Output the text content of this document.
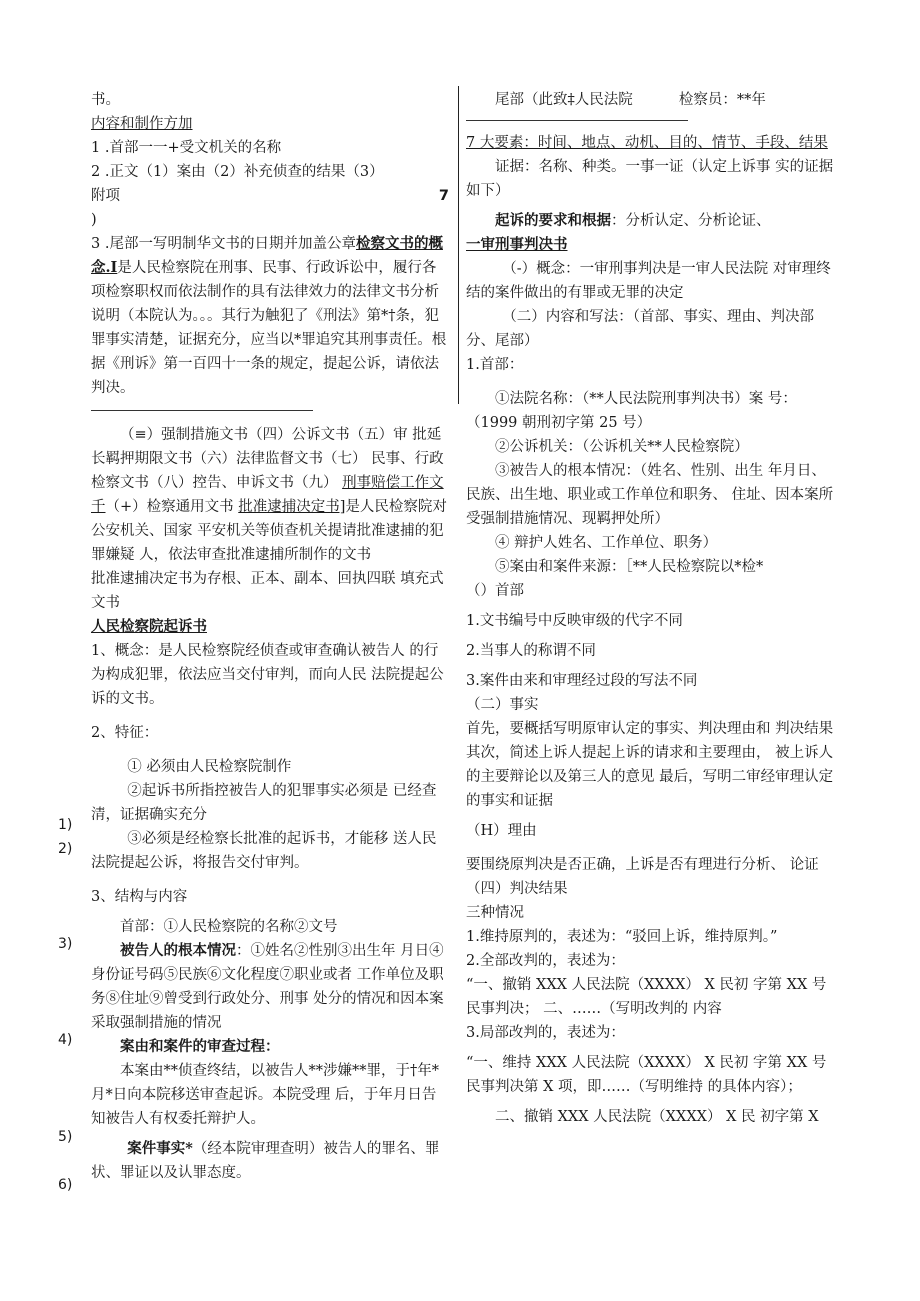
1)
2)
3)
4)
5)
6)

书。

内容和制作方加

1 .首部一一+受文机关的名称

2 .正文（1）案由（2）补充侦查的结果（3）

附项	7

)

3 .尾部一写明制华文书的日期并加盖公章检察文书的概念.I是人民检察院在刑事、民事、行政诉讼中，履行各项检察职权而依法制作的具有法律效力的法律文书分析说明（本院认为。。。其行为触犯了《刑法》第*†条，犯罪事实清楚，证据充分，应当以*罪追究其刑事责任。根据《刑诉》第一百四十一条的规定，提起公诉，请依法判决。

（≡）强制措施文书（四）公诉文书（五）审 批延长羁押期限文书（六）法律监督文书（七） 民事、行政检察文书（八）控告、申诉文书（九） 刑事赔偿工作文千（+）检察通用文书 批准逮捕决定书]是人民检察院对公安机关、国家 平安机关等侦查机关提请批准逮捕的犯罪嫌疑 人，依法审查批准逮捕所制作的文书

批准逮捕决定书为存根、正本、副本、回执四联 填充式文书

人民检察院起诉书

1、概念：是人民检察院经侦查或审查确认被告人 的行为构成犯罪，依法应当交付审判，而向人民 法院提起公诉的文书。

2、特征：

① 必须由人民检察院制作

②起诉书所指控被告人的犯罪事实必须是 已经查清，证据确实充分

③必须是经检察长批准的起诉书，才能移 送人民法院提起公诉，将报告交付审判。

3、结构与内容

首部：①人民检察院的名称②文号

被告人的根本情况：①姓名②性别③出生年 月日④身份证号码⑤民族⑥文化程度⑦职业或者 工作单位及职务⑧住址⑨曾受到行政处分、刑事 处分的情况和因本案采取强制措施的情况

案由和案件的审查过程：

本案由**侦查终结，以被告人**涉嫌**罪，于†年*月*日向本院移送审查起诉。本院受理 后，于年月日告知被告人有权委托辩护人。

案件事实*（经本院审理查明）被告人的罪名、罪状、罪证以及认罪态度。

尾部（此致‡人民法院          检察员：**年

7 大要素：时间、地点、动机、目的、情节、手段、结果

证据：名称、种类。一事一证（认定上诉事 实的证据如下）

起诉的要求和根据：分析认定、分析论证、

一审刑事判决书

（-）概念：一审刑事判决是一审人民法院 对审理终结的案件做出的有罪或无罪的决定

（二）内容和写法：（首部、事实、理由、判决部分、尾部）

1.首部：

①法院名称：（**人民法院刑事判决书）案 号：（1999 朝刑初字第 25 号）

②公诉机关：（公诉机关**人民检察院）

③被告人的根本情况：（姓名、性别、出生 年月日、民族、出生地、职业或工作单位和职务、 住址、因本案所受强制措施情况、现羁押处所）

④ 辩护人姓名、工作单位、职务）

⑤案由和案件来源：［**人民检察院以*检*

（）首部

1.文书编号中反映审级的代字不同

2.当事人的称谓不同

3.案件由来和审理经过段的写法不同

（二）事实

首先，要概括写明原审认定的事实、判决理由和 判决结果

其次，简述上诉人提起上诉的请求和主要理由， 被上诉人的主要辩论以及第三人的意见 最后，写明二审经审理认定的事实和证据

（H）理由

要围绕原判决是否正确，上诉是否有理进行分析、 论证

（四）判决结果

三种情况

1.维持原判的，表述为：“驳回上诉，维持原判。”

2.全部改判的，表述为：

“一、撤销 XXX 人民法院（XXXX） X 民初 字第 XX 号民事判决； 二、……（写明改判的 内容

3.局部改判的，表述为：

“一、维持 XXX 人民法院（XXXX） X 民初 字第 XX 号民事判决第 X 项，即……（写明维持 的具体内容）；

二、撤销 XXX 人民法院（XXXX） X 民 初字第 X
